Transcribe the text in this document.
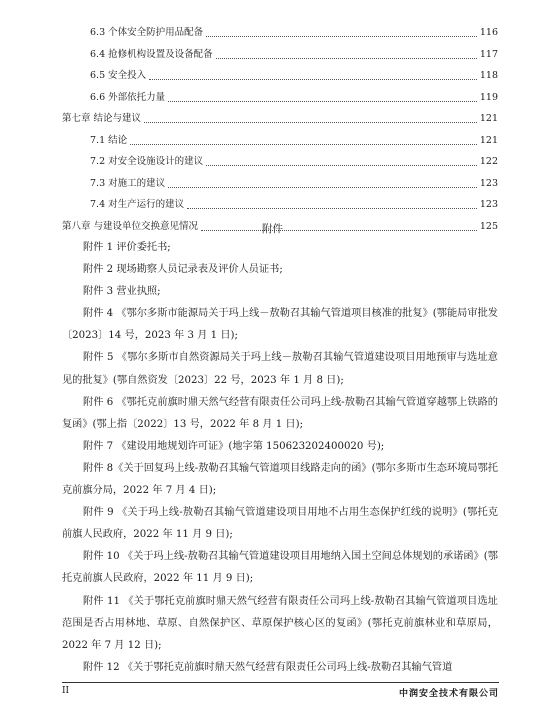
6.3 个体安全防护用品配备	116
6.4 抢修机构设置及设备配备	117
6.5 安全投入	118
6.6 外部依托力量	119
第七章 结论与建议	121
7.1 结论	121
7.2 对安全设施设计的建议	122
7.3 对施工的建议	123
7.4 对生产运行的建议	123
第八章 与建设单位交换意见情况	125
附件

附件 1 评价委托书;

附件 2 现场勘察人员记录表及评价人员证书;

附件 3 营业执照;

附件 4 《鄂尔多斯市能源局关于玛上线－敖勒召其输气管道项目核准的批复》(鄂能局审批发〔2023〕14 号，2023 年 3 月 1 日);

附件 5 《鄂尔多斯市自然资源局关于玛上线－敖勒召其输气管道建设项目用地预审与选址意见的批复》(鄂自然资发〔2023〕22 号，2023 年 1 月 8 日);

附件 6 《鄂托克前旗时鼎天然气经营有限责任公司玛上线-敖勒召其输气管道穿越鄂上铁路的复函》(鄂上指〔2022〕13 号，2022 年 8 月 1 日);

附件 7 《建设用地规划许可证》(地字第 150623202400020 号);

附件 8《关于回复玛上线-敖勒召其输气管道项目线路走向的函》(鄂尔多斯市生态环境局鄂托克前旗分局，2022 年 7 月 4 日);

附件 9 《关于玛上线-敖勒召其输气管道建设项目用地不占用生态保护红线的说明》(鄂托克前旗人民政府，2022 年 11 月 9 日);

附件 10 《关于玛上线-敖勒召其输气管道建设项目用地纳入国土空间总体规划的承诺函》(鄂托克前旗人民政府，2022 年 11 月 9 日);

附件 11 《关于鄂托克前旗时鼎天然气经营有限责任公司玛上线-敖勒召其输气管道项目选址范围是否占用林地、草原、自然保护区、草原保护核心区的复函》(鄂托克前旗林业和草原局，2022 年 7 月 12 日);

附件 12 《关于鄂托克前旗时鼎天然气经营有限责任公司玛上线-敖勒召其输气管道

II	中润安全技术有限公司
